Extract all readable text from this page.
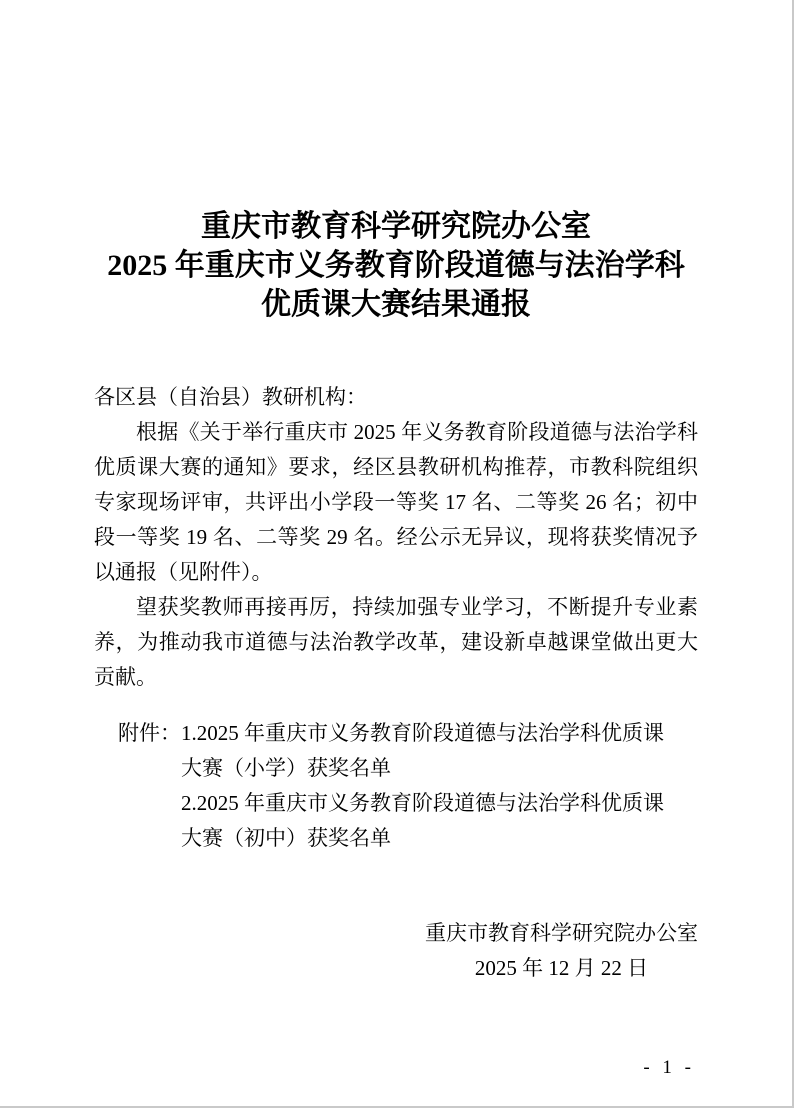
重庆市教育科学研究院办公室
2025 年重庆市义务教育阶段道德与法治学科
优质课大赛结果通报

各区县（自治县）教研机构：

根据《关于举行重庆市 2025 年义务教育阶段道德与法治学科优质课大赛的通知》要求，经区县教研机构推荐，市教科院组织专家现场评审，共评出小学段一等奖 17 名、二等奖 26 名；初中段一等奖 19 名、二等奖 29 名。经公示无异议，现将获奖情况予以通报（见附件）。

望获奖教师再接再厉，持续加强专业学习，不断提升专业素养，为推动我市道德与法治教学改革，建设新卓越课堂做出更大贡献。

附件： 1.2025 年重庆市义务教育阶段道德与法治学科优质课
大赛（小学）获奖名单
2.2025 年重庆市义务教育阶段道德与法治学科优质课
大赛（初中）获奖名单
重庆市教育科学研究院办公室
2025 年 12 月 22 日
- 1 -
